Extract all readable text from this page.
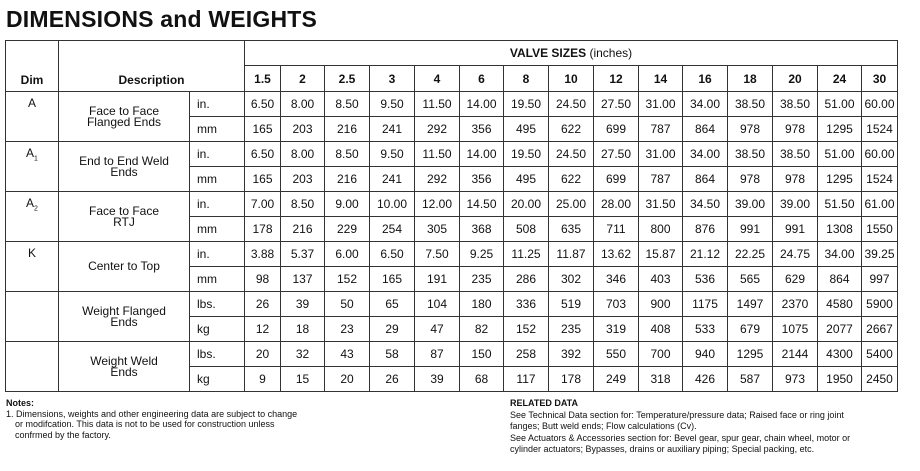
DIMENSIONS and WEIGHTS
Dim	Description		VALVE SIZES (inches)														
			1.5	2	2.5	3	4	6	8	10	12	14	16	18	20	24	30
A	Face to Face Flanged Ends	in.	6.50	8.00	8.50	9.50	11.50	14.00	19.50	24.50	27.50	31.00	34.00	38.50	38.50	51.00	60.00
		mm	165	203	216	241	292	356	495	622	699	787	864	978	978	1295	1524
$A_1$	End to End Weld Ends	in.	6.50	8.00	8.50	9.50	11.50	14.00	19.50	24.50	27.50	31.00	34.00	38.50	38.50	51.00	60.00
		mm	165	203	216	241	292	356	495	622	699	787	864	978	978	1295	1524
$A_2$	Face to Face RTJ	in.	7.00	8.50	9.00	10.00	12.00	14.50	20.00	25.00	28.00	31.50	34.50	39.00	39.00	51.50	61.00
		mm	178	216	229	254	305	368	508	635	711	800	876	991	991	1308	1550
K	Center to Top	in.	3.88	5.37	6.00	6.50	7.50	9.25	11.25	11.87	13.62	15.87	21.12	22.25	24.75	34.00	39.25
		mm	98	137	152	165	191	235	286	302	346	403	536	565	629	864	997
	Weight Flanged Ends	lbs.	26	39	50	65	104	180	336	519	703	900	1175	1497	2370	4580	5900
		kg	12	18	23	29	47	82	152	235	319	408	533	679	1075	2077	2667
	Weight Weld Ends	lbs.	20	32	43	58	87	150	258	392	550	700	940	1295	2144	4300	5400
		kg	9	15	20	26	39	68	117	178	249	318	426	587	973	1950	2450
Notes:
1. Dimensions, weights and other engineering data are subject to change
or modifcation. This data is not to be used for construction unless
confrmed by the factory.
RELATED DATA
See Technical Data section for: Temperature/pressure data; Raised face or ring joint
fanges; Butt weld ends; Flow calculations (Cv).
See Actuators & Accessories section for: Bevel gear, spur gear, chain wheel, motor or
cylinder actuators; Bypasses, drains or auxiliary piping; Special packing, etc.
